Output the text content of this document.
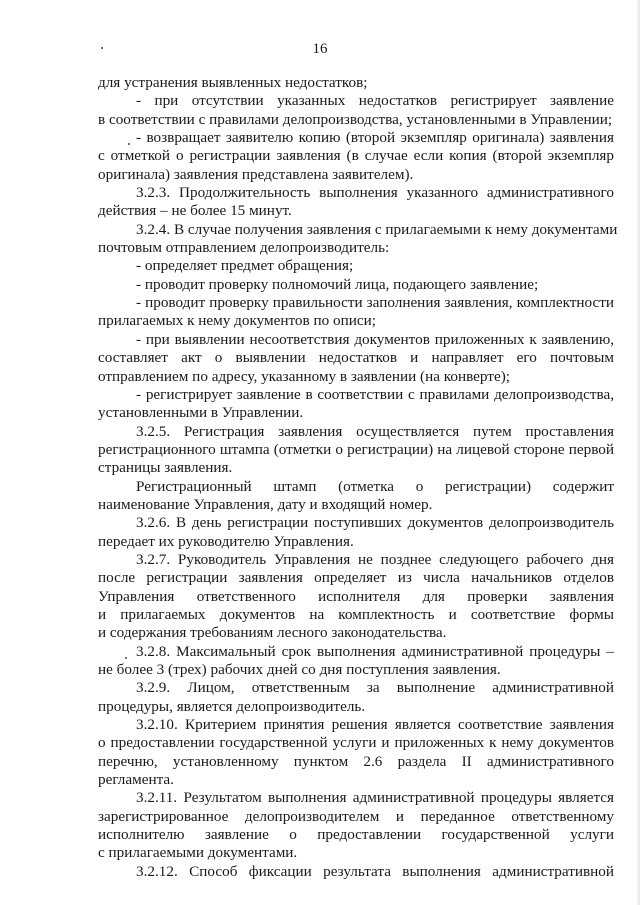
16
для устранения выявленных недостатков;
- при отсутствии указанных недостатков регистрирует заявление
в соответствии с правилами делопроизводства, установленными в Управлении;
- возвращает заявителю копию (второй экземпляр оригинала) заявления
с отметкой о регистрации заявления (в случае если копия (второй экземпляр
оригинала) заявления представлена заявителем).
3.2.3. Продолжительность выполнения указанного административного
действия – не более 15 минут.
3.2.4. В случае получения заявления с прилагаемыми к нему документами
почтовым отправлением делопроизводитель:
- определяет предмет обращения;
- проводит проверку полномочий лица, подающего заявление;
- проводит проверку правильности заполнения заявления, комплектности
прилагаемых к нему документов по описи;
- при выявлении несоответствия документов приложенных к заявлению,
составляет акт о выявлении недостатков и направляет его почтовым
отправлением по адресу, указанному в заявлении (на конверте);
- регистрирует заявление в соответствии с правилами делопроизводства,
установленными в Управлении.
3.2.5. Регистрация заявления осуществляется путем проставления
регистрационного штампа (отметки о регистрации) на лицевой стороне первой
страницы заявления.
Регистрационный штамп (отметка о регистрации) содержит
наименование Управления, дату и входящий номер.
3.2.6. В день регистрации поступивших документов делопроизводитель
передает их руководителю Управления.
3.2.7. Руководитель Управления не позднее следующего рабочего дня
после регистрации заявления определяет из числа начальников отделов
Управления ответственного исполнителя для проверки заявления
и прилагаемых документов на комплектность и соответствие формы
и содержания требованиям лесного законодательства.
3.2.8. Максимальный срок выполнения административной процедуры –
не более 3 (трех) рабочих дней со дня поступления заявления.
3.2.9. Лицом, ответственным за выполнение административной
процедуры, является делопроизводитель.
3.2.10. Критерием принятия решения является соответствие заявления
о предоставлении государственной услуги и приложенных к нему документов
перечню, установленному пунктом 2.6 раздела II административного
регламента.
3.2.11. Результатом выполнения административной процедуры является
зарегистрированное делопроизводителем и переданное ответственному
исполнителю заявление о предоставлении государственной услуги
с прилагаемыми документами.
3.2.12. Способ фиксации результата выполнения административной
